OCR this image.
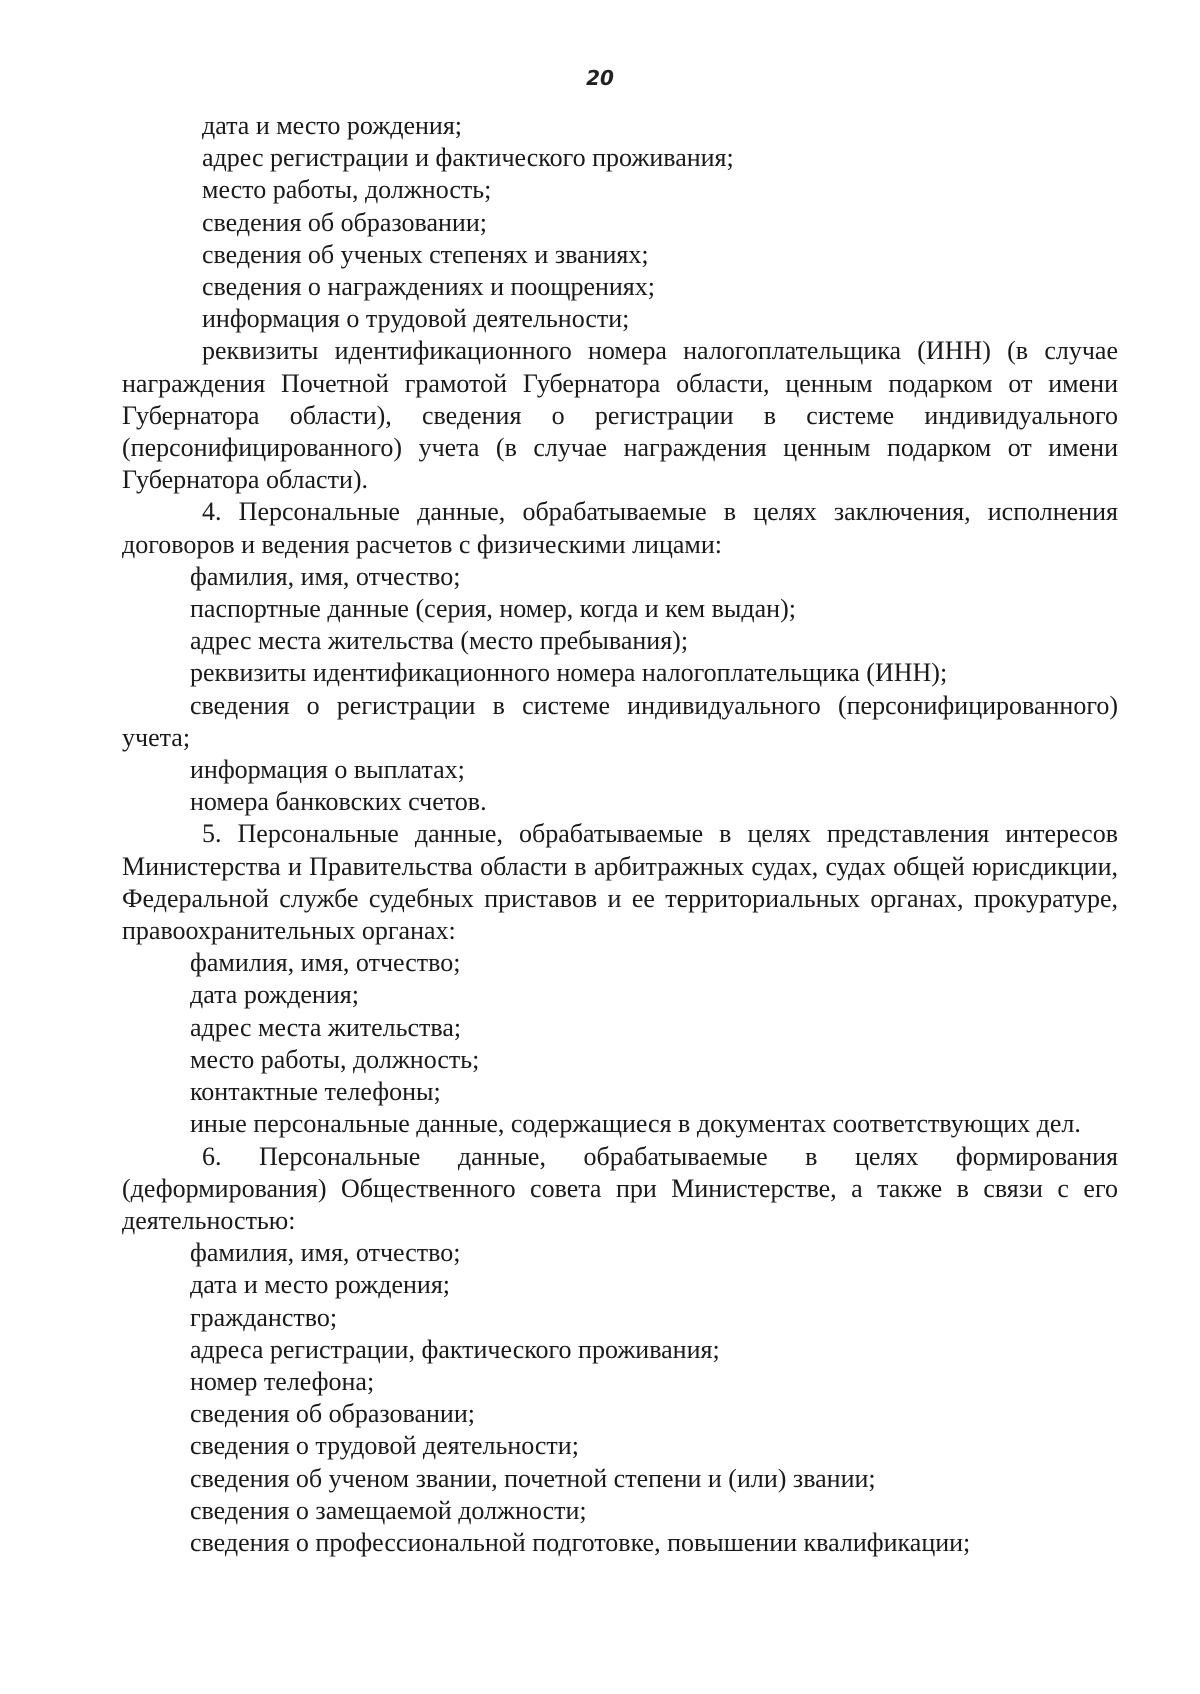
20
дата и место рождения;
адрес регистрации и фактического проживания;
место работы, должность;
сведения об образовании;
сведения об ученых степенях и званиях;
сведения о награждениях и поощрениях;
информация о трудовой деятельности;
реквизиты идентификационного номера налогоплательщика (ИНН) (в случае награждения Почетной грамотой Губернатора области, ценным подарком от имени Губернатора области), сведения о регистрации в системе индивидуального (персонифицированного) учета (в случае награждения ценным подарком от имени Губернатора области).
4. Персональные данные, обрабатываемые в целях заключения, исполнения договоров и ведения расчетов с физическими лицами:
фамилия, имя, отчество;
паспортные данные (серия, номер, когда и кем выдан);
адрес места жительства (место пребывания);
реквизиты идентификационного номера налогоплательщика (ИНН);
сведения о регистрации в системе индивидуального (персонифицированного) учета;
информация о выплатах;
номера банковских счетов.
5. Персональные данные, обрабатываемые в целях представления интересов Министерства и Правительства области в арбитражных судах, судах общей юрисдикции, Федеральной службе судебных приставов и ее территориальных органах, прокуратуре, правоохранительных органах:
фамилия, имя, отчество;
дата рождения;
адрес места жительства;
место работы, должность;
контактные телефоны;
иные персональные данные, содержащиеся в документах соответствующих дел.
6. Персональные данные, обрабатываемые в целях формирования (деформирования) Общественного совета при Министерстве, а также в связи с его деятельностью:
фамилия, имя, отчество;
дата и место рождения;
гражданство;
адреса регистрации, фактического проживания;
номер телефона;
сведения об образовании;
сведения о трудовой деятельности;
сведения об ученом звании, почетной степени и (или) звании;
сведения о замещаемой должности;
сведения о профессиональной подготовке, повышении квалификации;
